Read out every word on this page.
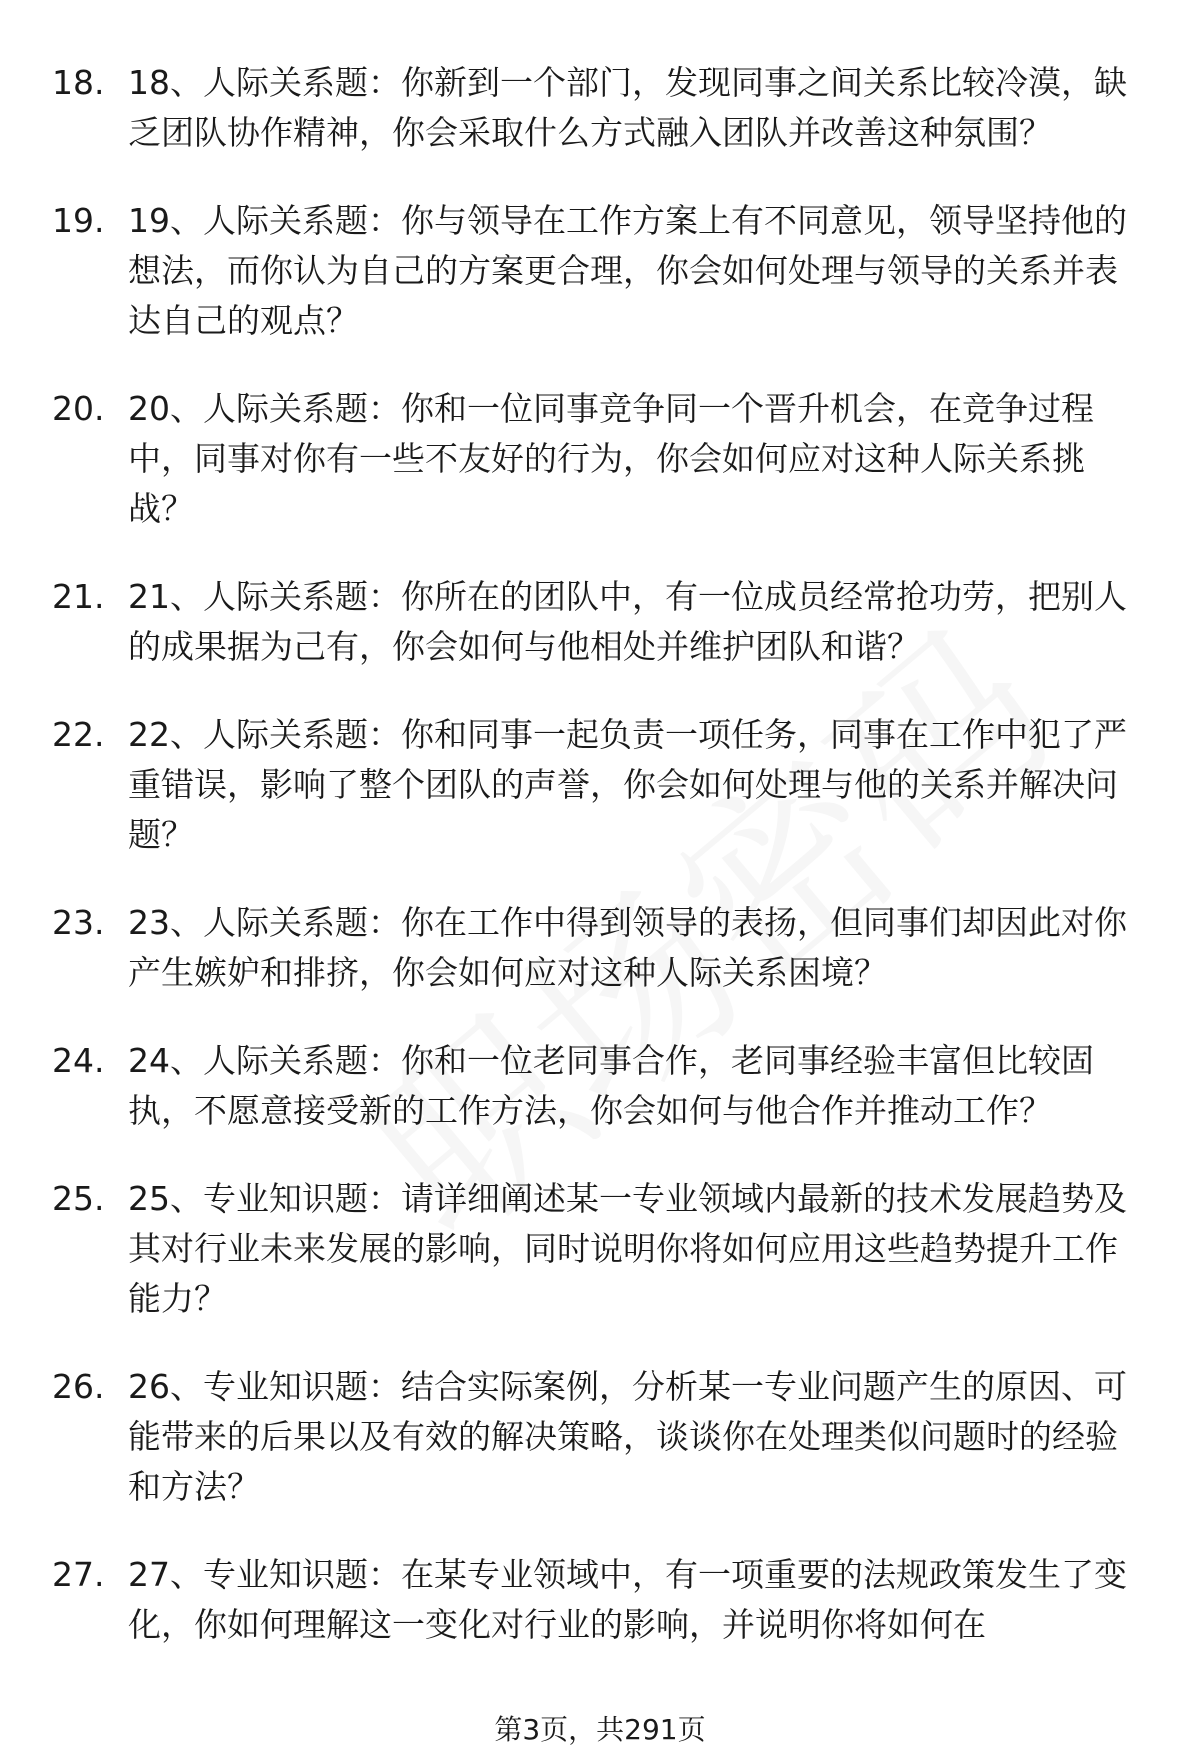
18. 18、人际关系题：你新到一个部门，发现同事之间关系比较冷漠，缺乏团队协作精神，你会采取什么方式融入团队并改善这种氛围？
19. 19、人际关系题：你与领导在工作方案上有不同意见，领导坚持他的想法，而你认为自己的方案更合理，你会如何处理与领导的关系并表达自己的观点？
20. 20、人际关系题：你和一位同事竞争同一个晋升机会，在竞争过程中，同事对你有一些不友好的行为，你会如何应对这种人际关系挑战？
21. 21、人际关系题：你所在的团队中，有一位成员经常抢功劳，把别人的成果据为己有，你会如何与他相处并维护团队和谐？
22. 22、人际关系题：你和同事一起负责一项任务，同事在工作中犯了严重错误，影响了整个团队的声誉，你会如何处理与他的关系并解决问题？
23. 23、人际关系题：你在工作中得到领导的表扬，但同事们却因此对你产生嫉妒和排挤，你会如何应对这种人际关系困境？
24. 24、人际关系题：你和一位老同事合作，老同事经验丰富但比较固执，不愿意接受新的工作方法，你会如何与他合作并推动工作？
25. 25、专业知识题：请详细阐述某一专业领域内最新的技术发展趋势及其对行业未来发展的影响，同时说明你将如何应用这些趋势提升工作能力？
26. 26、专业知识题：结合实际案例，分析某一专业问题产生的原因、可能带来的后果以及有效的解决策略，谈谈你在处理类似问题时的经验和方法？
27. 27、专业知识题：在某专业领域中，有一项重要的法规政策发生了变化，你如何理解这一变化对行业的影响，并说明你将如何在
第3页，共291页
